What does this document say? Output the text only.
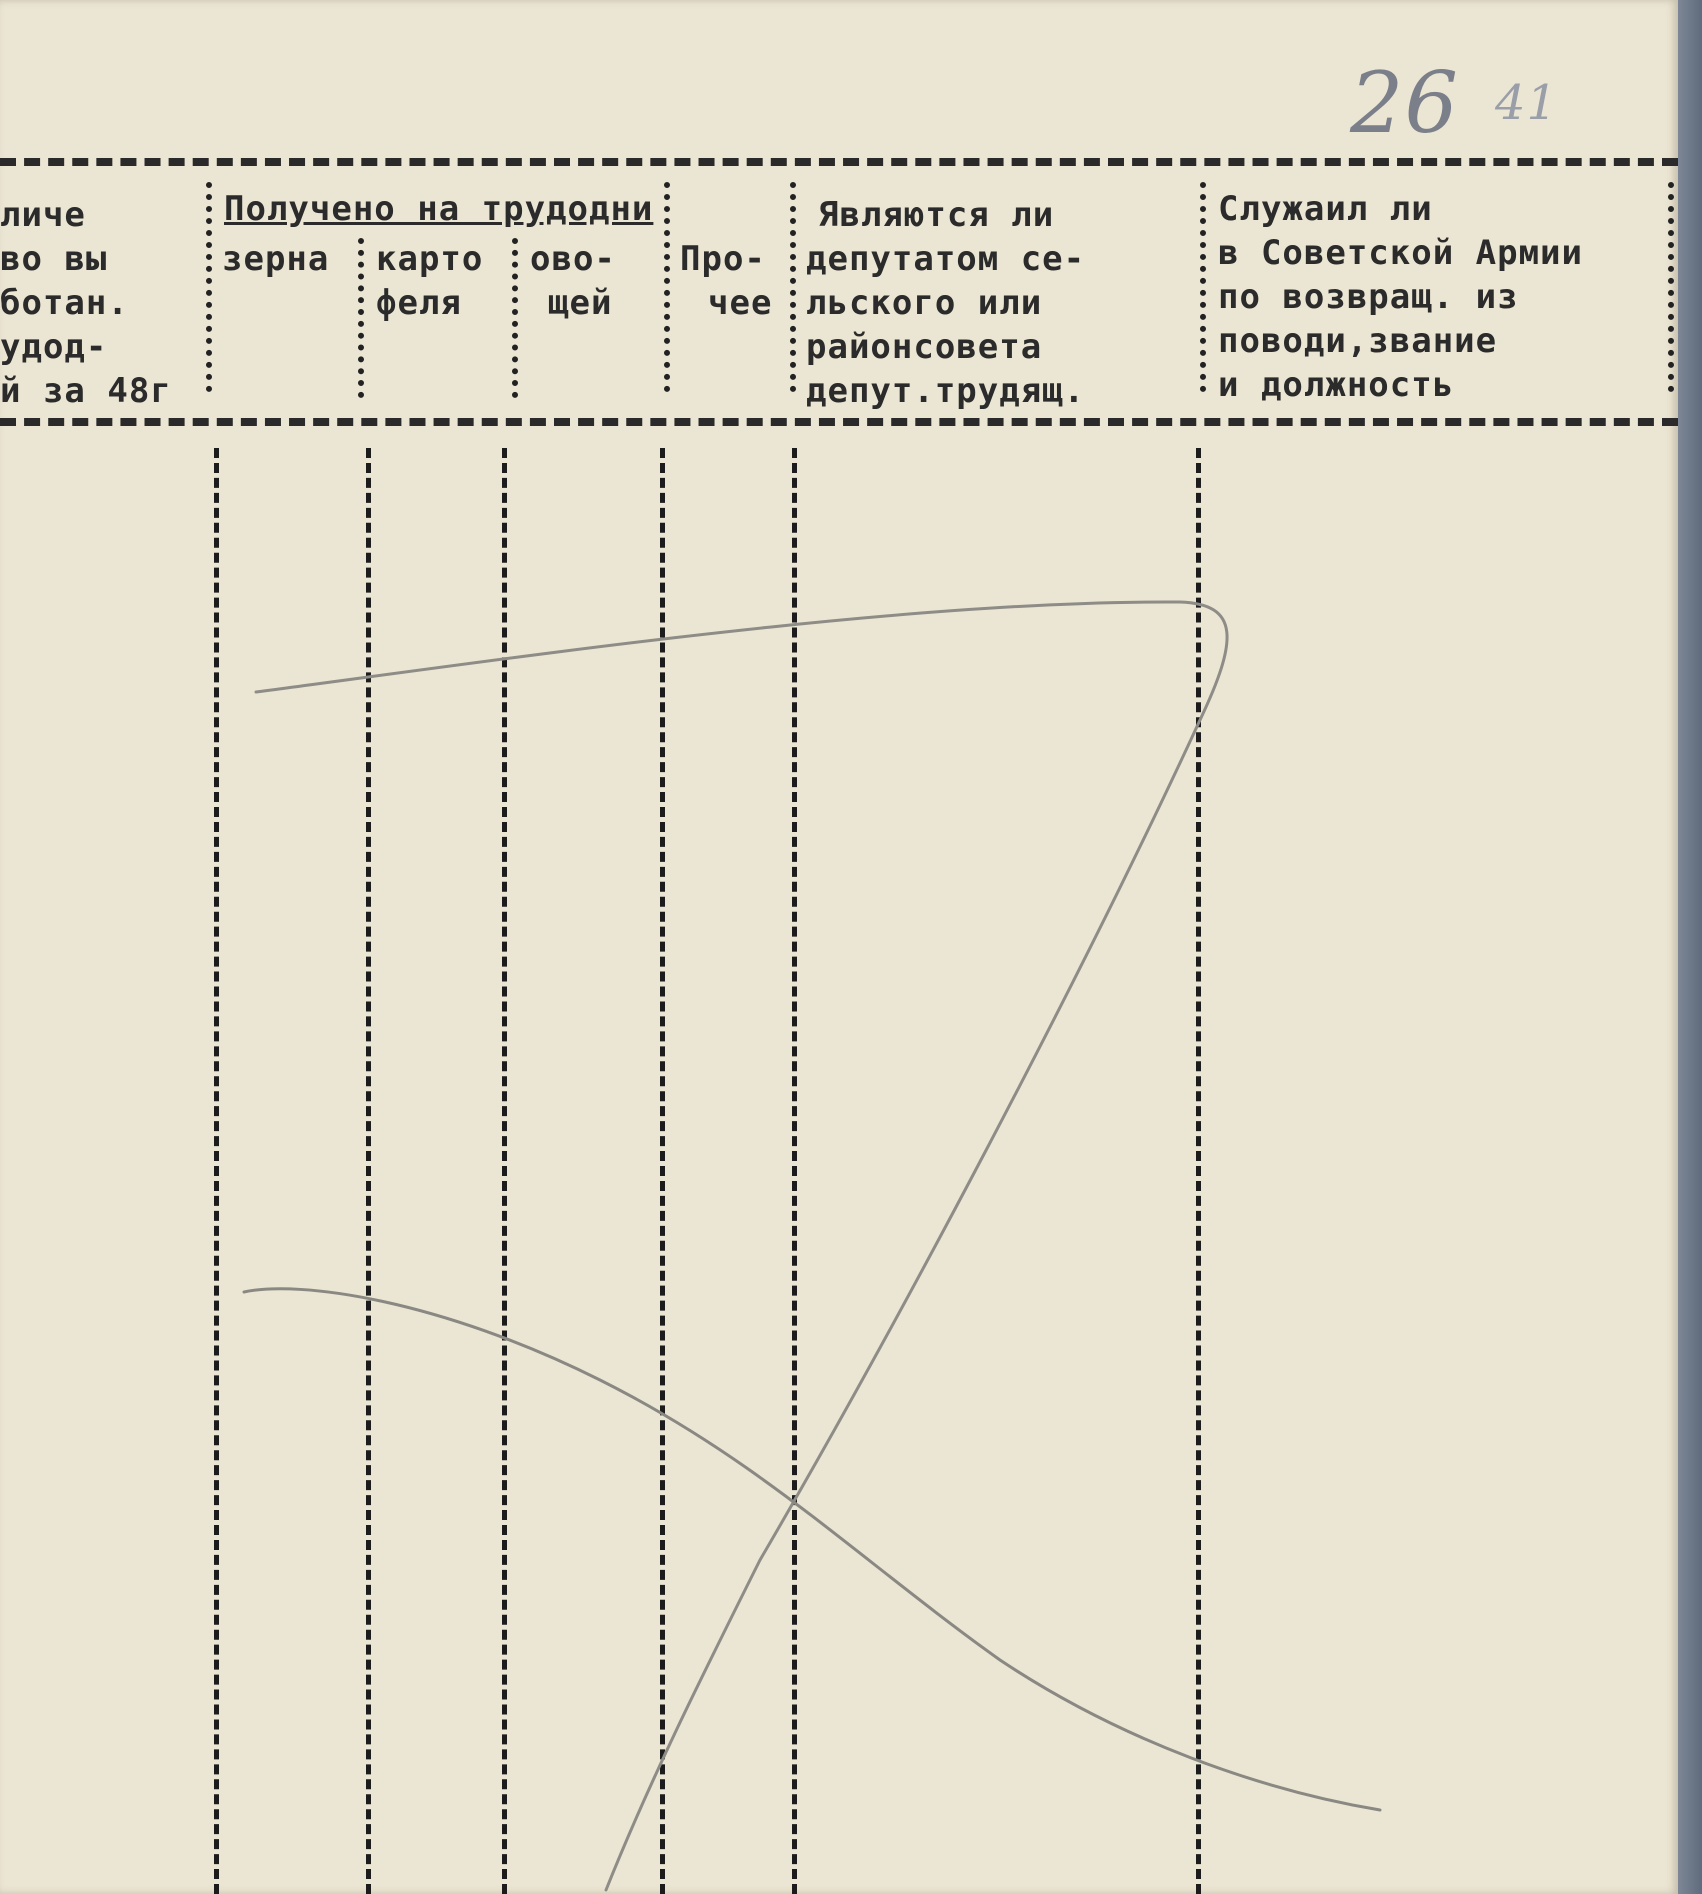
26 41
личе
во вы
ботан.
удод-
й за 48г
Получено на трудодни
зерна карто
феля
ово-
щей
Про-
чее
Являются ли
депутатом се-
льского или
районсовета
депут.трудящ.
Служаил ли
в Советской Армии
по возвращ. из
поводи,звание
и должность
